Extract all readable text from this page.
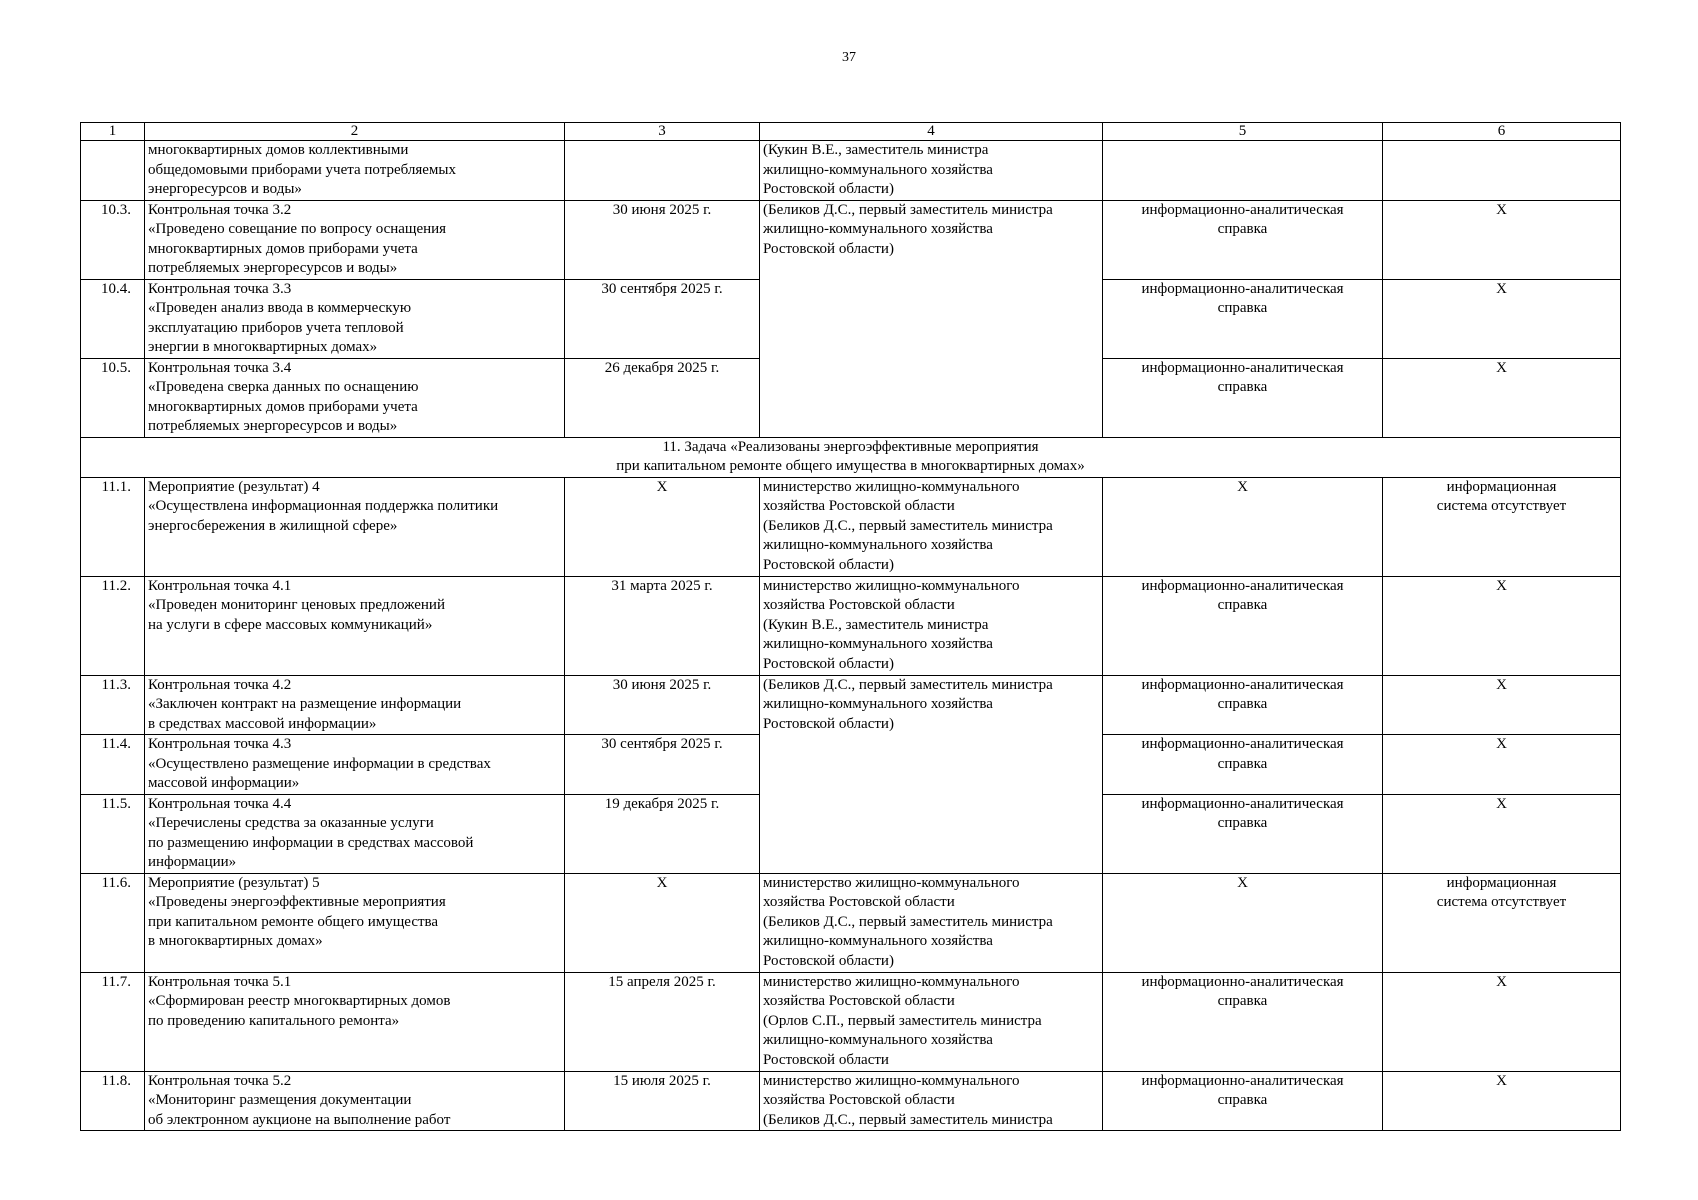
37
1	2	3	4	5	6
	многоквартирных домов коллективными
общедомовыми приборами учета потребляемых
энергоресурсов и воды»		(Кукин В.Е., заместитель министра
жилищно-коммунального хозяйства
Ростовской области)		
10.3.	Контрольная точка 3.2
«Проведено совещание по вопросу оснащения
многоквартирных домов приборами учета
потребляемых энергоресурсов и воды»	30 июня 2025 г.	(Беликов Д.С., первый заместитель министра
жилищно-коммунального хозяйства
Ростовской области)	информационно-аналитическая
справка	Х
10.4.	Контрольная точка 3.3
«Проведен анализ ввода в коммерческую
эксплуатацию приборов учета тепловой
энергии в многоквартирных домах»	30 сентября 2025 г.		информационно-аналитическая
справка	Х
10.5.	Контрольная точка 3.4
«Проведена сверка данных по оснащению
многоквартирных домов приборами учета
потребляемых энергоресурсов и воды»	26 декабря 2025 г.		информационно-аналитическая
справка	Х
11. Задача «Реализованы энергоэффективные мероприятия
при капитальном ремонте общего имущества в многоквартирных домах»					
11.1.	Мероприятие (результат) 4
«Осуществлена информационная поддержка политики
энергосбережения в жилищной сфере»	Х	министерство жилищно-коммунального
хозяйства Ростовской области
(Беликов Д.С., первый заместитель министра
жилищно-коммунального хозяйства
Ростовской области)	Х	информационная
система отсутствует
11.2.	Контрольная точка 4.1
«Проведен мониторинг ценовых предложений
на услуги в сфере массовых коммуникаций»	31 марта 2025 г.	министерство жилищно-коммунального
хозяйства Ростовской области
(Кукин В.Е., заместитель министра
жилищно-коммунального хозяйства
Ростовской области)	информационно-аналитическая
справка	Х
11.3.	Контрольная точка 4.2
«Заключен контракт на размещение информации
в средствах массовой информации»	30 июня 2025 г.	(Беликов Д.С., первый заместитель министра
жилищно-коммунального хозяйства
Ростовской области)	информационно-аналитическая
справка	Х
11.4.	Контрольная точка 4.3
«Осуществлено размещение информации в средствах
массовой информации»	30 сентября 2025 г.		информационно-аналитическая
справка	Х
11.5.	Контрольная точка 4.4
«Перечислены средства за оказанные услуги
по размещению информации в средствах массовой
информации»	19 декабря 2025 г.		информационно-аналитическая
справка	Х
11.6.	Мероприятие (результат) 5
«Проведены энергоэффективные мероприятия
при капитальном ремонте общего имущества
в многоквартирных домах»	Х	министерство жилищно-коммунального
хозяйства Ростовской области
(Беликов Д.С., первый заместитель министра
жилищно-коммунального хозяйства
Ростовской области)	Х	информационная
система отсутствует
11.7.	Контрольная точка 5.1
«Сформирован реестр многоквартирных домов
по проведению капитального ремонта»	15 апреля 2025 г.	министерство жилищно-коммунального
хозяйства Ростовской области
(Орлов С.П., первый заместитель министра
жилищно-коммунального хозяйства
Ростовской области	информационно-аналитическая
справка	Х
11.8.	Контрольная точка 5.2
«Мониторинг размещения документации
об электронном аукционе на выполнение работ	15 июля 2025 г.	министерство жилищно-коммунального
хозяйства Ростовской области
(Беликов Д.С., первый заместитель министра	информационно-аналитическая
справка	Х
